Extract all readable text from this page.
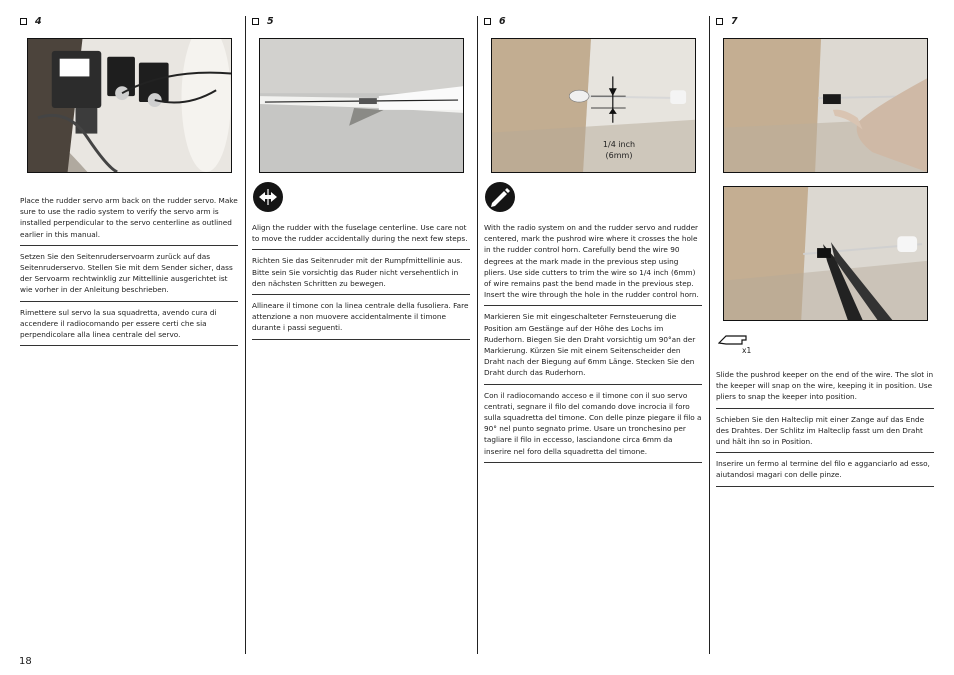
4

Place the rudder servo arm back on the rudder servo. Make sure to use the radio system to verify the servo arm is installed perpendicular to the servo centerline as outlined earlier in this manual.

Setzen Sie den Seitenruderservoarm zurück auf das Seitenruderservo. Stellen Sie mit dem Sender sicher, dass der Servoarm rechtwinklig zur Mittellinie ausgerichtet ist wie vorher in der Anleitung beschrieben.

Rimettere sul servo la sua squadretta, avendo cura di accendere il radiocomando per essere certi che sia perpendicolare alla linea centrale del servo.

5

Align the rudder with the fuselage centerline. Use care not to move the rudder accidentally during the next few steps.

Richten Sie das Seitenruder mit der Rumpfmittellinie aus. Bitte sein Sie vorsichtig das Ruder nicht versehentlich in den nächsten Schritten zu bewegen.

Allineare il timone con la linea centrale della fusoliera. Fare attenzione a non muovere accidentalmente il timone durante i passi seguenti.

6
1/4 inch
(6mm)

With the radio system on and the rudder servo and rudder centered, mark the pushrod wire where it crosses the hole in the rudder control horn. Carefully bend the wire 90 degrees at the mark made in the previous step using pliers. Use side cutters to trim the wire so 1/4 inch (6mm) of wire remains past the bend made in the previous step. Insert the wire through the hole in the rudder control horn.

Markieren Sie mit eingeschalteter Fernsteuerung die Position am Gestänge auf der Höhe des Lochs im Ruderhorn. Biegen Sie den Draht vorsichtig um 90°an der Markierung. Kürzen Sie mit einem Seitenscheider den Draht nach der Biegung auf 6mm Länge. Stecken Sie den Draht durch das Ruderhorn.

Con il radiocomando acceso e il timone con il suo servo centrati, segnare il filo del comando dove incrocia il foro sulla squadretta del timone. Con delle pinze piegare il filo a 90° nel punto segnato prime. Usare un tronchesino per tagliare il filo in eccesso, lasciandone circa 6mm da inserire nel foro della squadretta del timone.

7
x1

Slide the pushrod keeper on the end of the wire. The slot in the keeper will snap on the wire, keeping it in position. Use pliers to snap the keeper into position.

Schieben Sie den Halteclip mit einer Zange auf das Ende des Drahtes. Der Schlitz im Halteclip fasst um den Draht und hält ihn so in Position.

Inserire un fermo al termine del filo e agganciarlo ad esso, aiutandosi magari con delle pinze.

18
